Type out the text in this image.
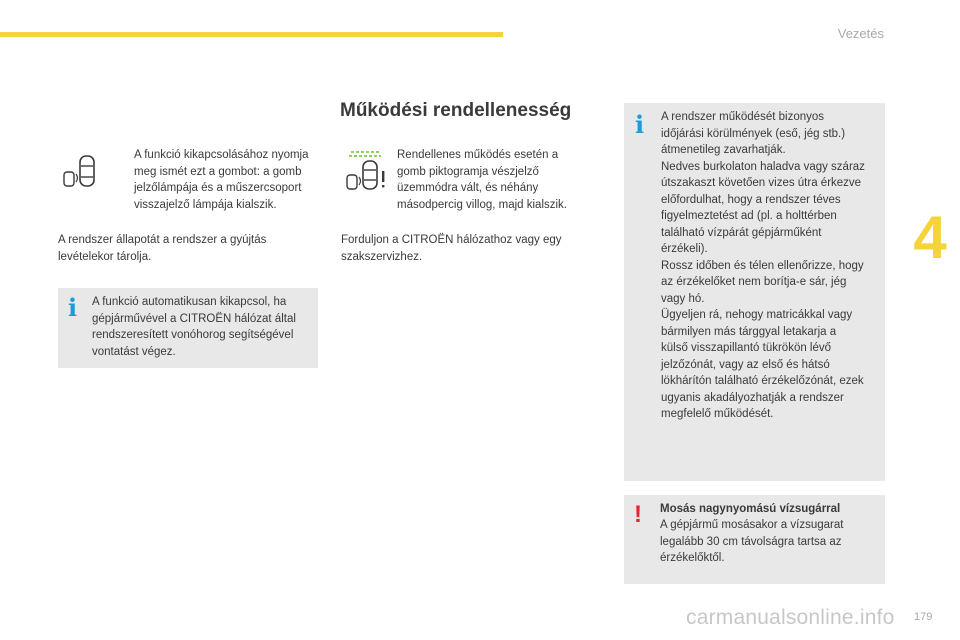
Vezetés
4
A funkció kikapcsolásához nyomja meg ismét ezt a gombot: a gomb jelzőlámpája és a műszercsoport visszajelző lámpája kialszik.
A rendszer állapotát a rendszer a gyújtás levételekor tárolja.
i A funkció automatikusan kikapcsol, ha gépjárművével a CITROËN hálózat által rendszeresített vonóhorog segítségével vontatást végez.
Működési rendellenesség
Rendellenes működés esetén a gomb piktogramja vészjelző üzemmódra vált, és néhány másodpercig villog, majd kialszik.
Forduljon a CITROËN hálózathoz vagy egy szakszervizhez.
i A rendszer működését bizonyos
időjárási körülmények (eső, jég stb.)
átmenetileg zavarhatják.
Nedves burkolaton haladva vagy száraz
útszakaszt követően vizes útra érkezve
előfordulhat, hogy a rendszer téves
figyelmeztetést ad (pl. a holttérben
található vízpárát gépjárműként
érzékeli).
Rossz időben és télen ellenőrizze, hogy
az érzékelőket nem borítja-e sár, jég
vagy hó.
Ügyeljen rá, nehogy matricákkal vagy
bármilyen más tárggyal letakarja a
külső visszapillantó tükrökön lévő
jelzőzónát, vagy az első és hátsó
lökhárítón található érzékelőzónát, ezek
ugyanis akadályozhatják a rendszer
megfelelő működését.
! Mosás nagynyomású vízsugárral
A gépjármű mosásakor a vízsugarat legalább 30 cm távolságra tartsa az érzékelőktől.
carmanualsonline.info 179
